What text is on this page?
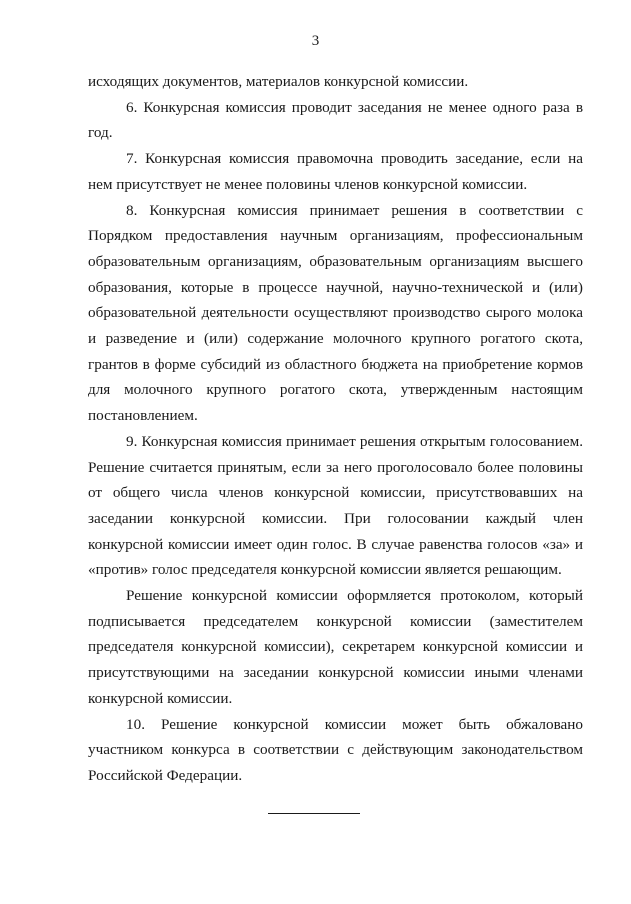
3

исходящих документов, материалов конкурсной комиссии.

6. Конкурсная комиссия проводит заседания не менее одного раза в год.

7. Конкурсная комиссия правомочна проводить заседание, если на нем присутствует не менее половины членов конкурсной комиссии.

8. Конкурсная комиссия принимает решения в соответствии с Порядком предоставления научным организациям, профессиональным образовательным организациям, образовательным организациям высшего образования, которые в процессе научной, научно-технической и (или) образовательной деятельности осуществляют производство сырого молока и разведение и (или) содержание молочного крупного рогатого скота, грантов в форме субсидий из областного бюджета на приобретение кормов для молочного крупного рогатого скота, утвержденным настоящим постановлением.

9. Конкурсная комиссия принимает решения открытым голосованием. Решение считается принятым, если за него проголосовало более половины от общего числа членов конкурсной комиссии, присутствовавших на заседании конкурсной комиссии. При голосовании каждый член конкурсной комиссии имеет один голос. В случае равенства голосов «за» и «против» голос председателя конкурсной комиссии является решающим.

Решение конкурсной комиссии оформляется протоколом, который подписывается председателем конкурсной комиссии (заместителем председателя конкурсной комиссии), секретарем конкурсной комиссии и присутствующими на заседании конкурсной комиссии иными членами конкурсной комиссии.

10. Решение конкурсной комиссии может быть обжаловано участником конкурса в соответствии с действующим законодательством Российской Федерации.
